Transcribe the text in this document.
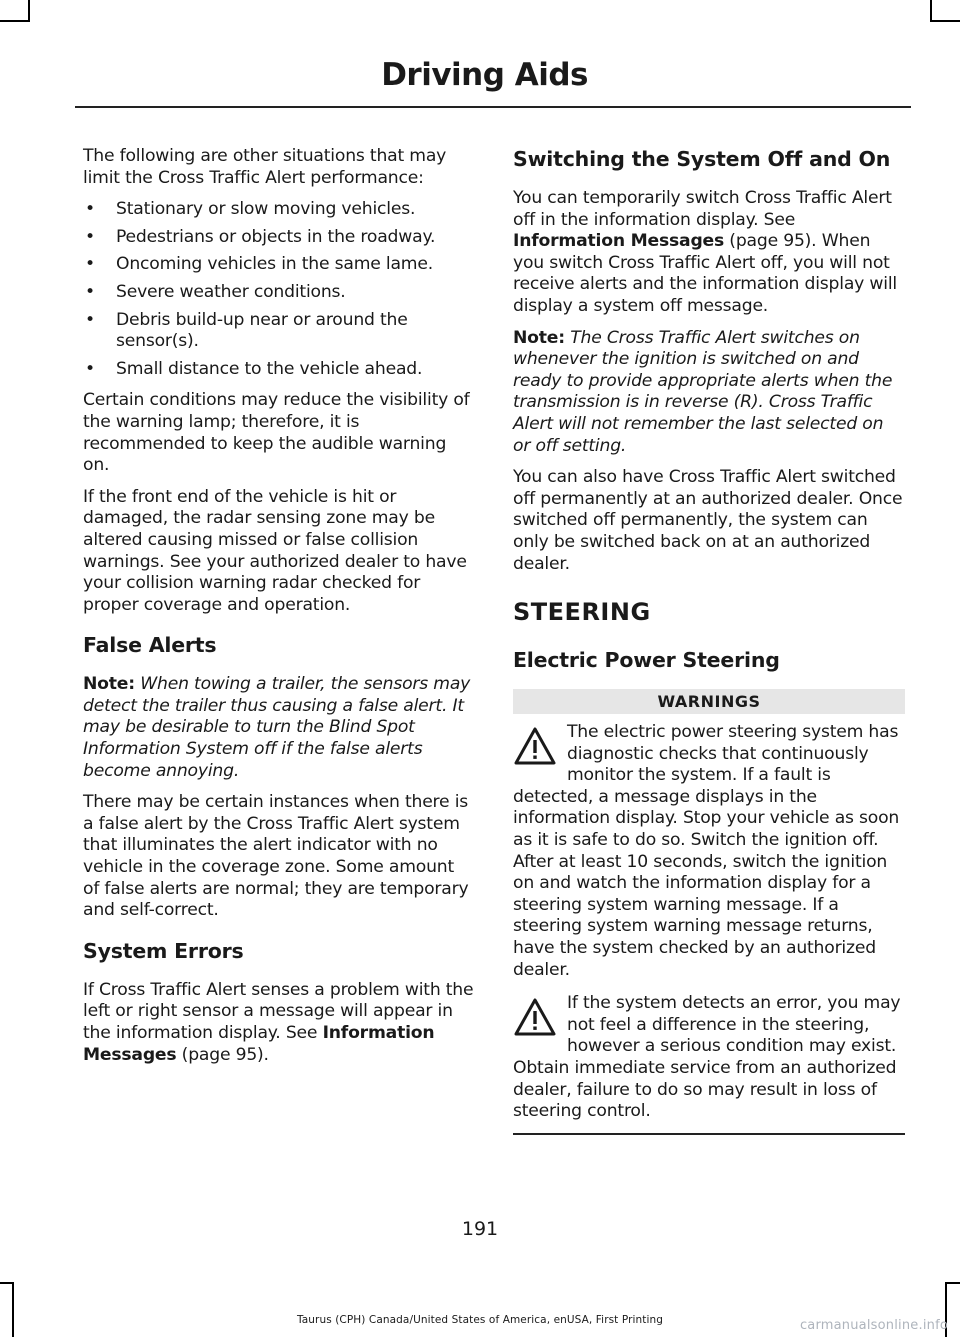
Driving Aids

The following are other situations that may limit the Cross Traffic Alert performance:

• Stationary or slow moving vehicles.
• Pedestrians or objects in the roadway.
• Oncoming vehicles in the same lame.
• Severe weather conditions.
• Debris build-up near or around the sensor(s).
• Small distance to the vehicle ahead.

Certain conditions may reduce the visibility of the warning lamp; therefore, it is recommended to keep the audible warning on.

If the front end of the vehicle is hit or damaged, the radar sensing zone may be altered causing missed or false collision warnings. See your authorized dealer to have your collision warning radar checked for proper coverage and operation.

False Alerts

Note: When towing a trailer, the sensors may detect the trailer thus causing a false alert. It may be desirable to turn the Blind Spot Information System off if the false alerts become annoying.

There may be certain instances when there is a false alert by the Cross Traffic Alert system that illuminates the alert indicator with no vehicle in the coverage zone. Some amount of false alerts are normal; they are temporary and self-correct.

System Errors

If Cross Traffic Alert senses a problem with the left or right sensor a message will appear in the information display. See Information Messages (page 95).

Switching the System Off and On

You can temporarily switch Cross Traffic Alert off in the information display. See Information Messages (page 95). When you switch Cross Traffic Alert off, you will not receive alerts and the information display will display a system off message.

Note: The Cross Traffic Alert switches on whenever the ignition is switched on and ready to provide appropriate alerts when the transmission is in reverse (R). Cross Traffic Alert will not remember the last selected on or off setting.

You can also have Cross Traffic Alert switched off permanently at an authorized dealer. Once switched off permanently, the system can only be switched back on at an authorized dealer.

STEERING
Electric Power Steering
WARNINGS

The electric power steering system has diagnostic checks that continuously monitor the system. If a fault is detected, a message displays in the information display. Stop your vehicle as soon as it is safe to do so. Switch the ignition off. After at least 10 seconds, switch the ignition on and watch the information display for a steering system warning message. If a steering system warning message returns, have the system checked by an authorized dealer.

If the system detects an error, you may not feel a difference in the steering, however a serious condition may exist. Obtain immediate service from an authorized dealer, failure to do so may result in loss of steering control.

191
Taurus (CPH) Canada/United States of America, enUSA, First Printing	carmanualsonline.info
